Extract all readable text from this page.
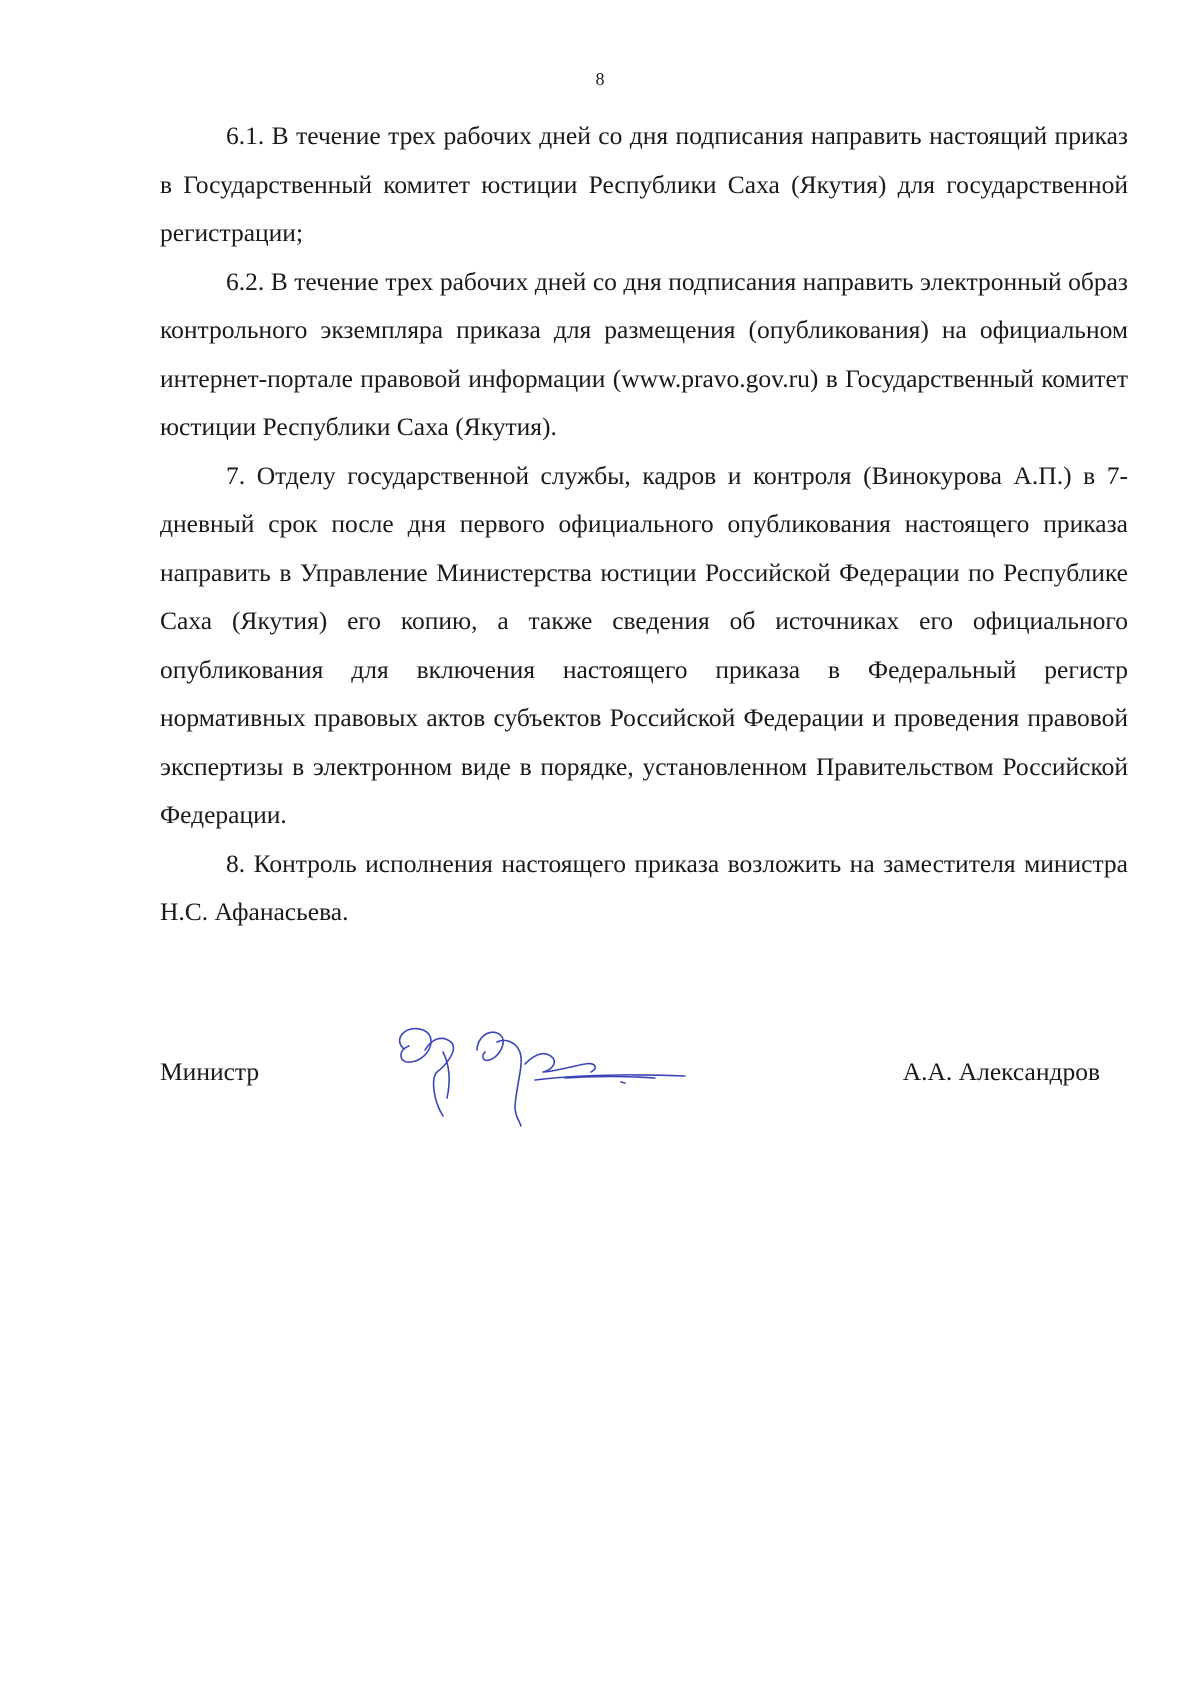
8

6.1. В течение трех рабочих дней со дня подписания направить настоящий приказ в Государственный комитет юстиции Республики Саха (Якутия) для государственной регистрации;

6.2. В течение трех рабочих дней со дня подписания направить электронный образ контрольного экземпляра приказа для размещения (опубликования) на официальном интернет-портале правовой информации (www.pravo.gov.ru) в Государственный комитет юстиции Республики Саха (Якутия).

7. Отделу государственной службы, кадров и контроля (Винокурова А.П.) в 7-дневный срок после дня первого официального опубликования настоящего приказа направить в Управление Министерства юстиции Российской Федерации по Республике Саха (Якутия) его копию, а также сведения об источниках его официального опубликования для включения настоящего приказа в Федеральный регистр нормативных правовых актов субъектов Российской Федерации и проведения правовой экспертизы в электронном виде в порядке, установленном Правительством Российской Федерации.

8. Контроль исполнения настоящего приказа возложить на заместителя министра Н.С. Афанасьева.

Министр	А.А. Александров
